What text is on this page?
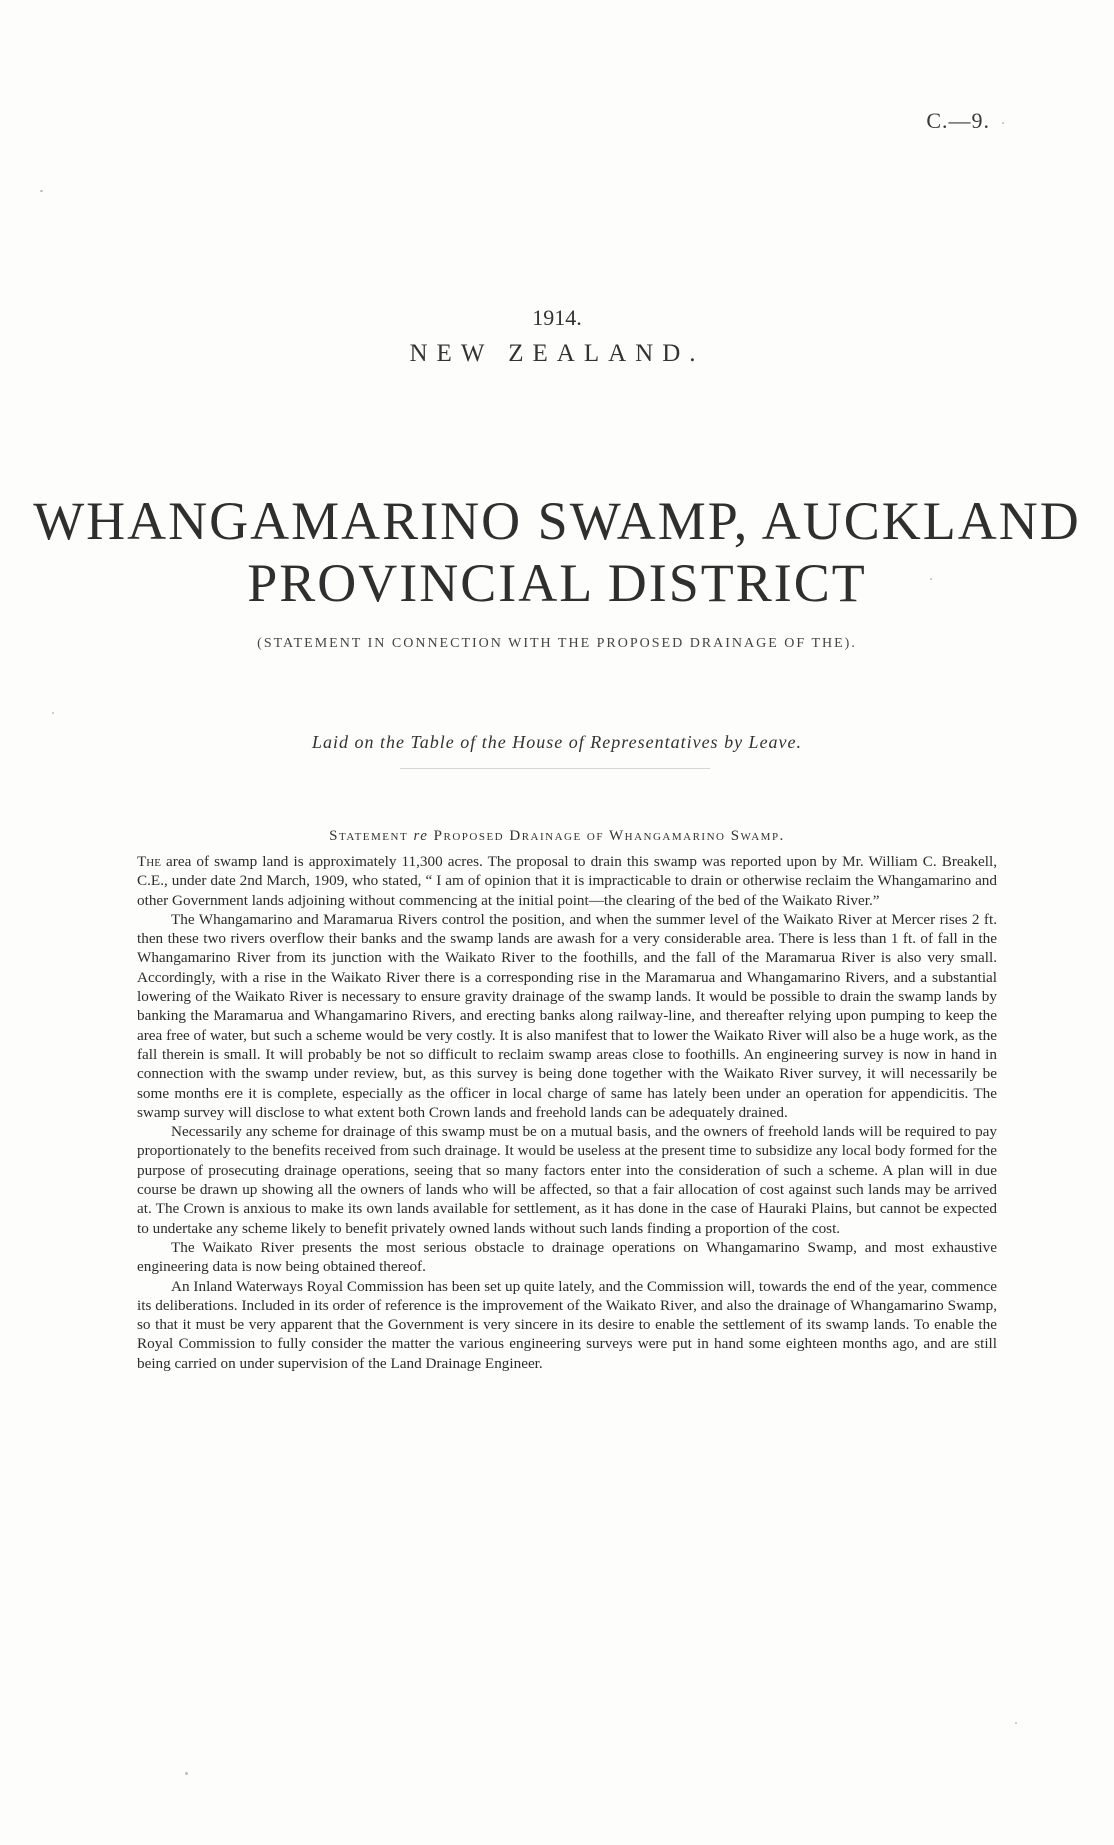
C.—9.
1914.
NEW ZEALAND.
WHANGAMARINO SWAMP, AUCKLAND
PROVINCIAL DISTRICT
(STATEMENT IN CONNECTION WITH THE PROPOSED DRAINAGE OF THE).
Laid on the Table of the House of Representatives by Leave.
Statement re Proposed Drainage of Whangamarino Swamp.

The area of swamp land is approximately 11,300 acres. The proposal to drain this swamp was reported upon by Mr. William C. Breakell, C.E., under date 2nd March, 1909, who stated, “ I am of opinion that it is impracticable to drain or otherwise reclaim the Whangamarino and other Government lands adjoining without commencing at the initial point—the clearing of the bed of the Waikato River.”

The Whangamarino and Maramarua Rivers control the position, and when the summer level of the Waikato River at Mercer rises 2 ft. then these two rivers overflow their banks and the swamp lands are awash for a very considerable area. There is less than 1 ft. of fall in the Whangamarino River from its junction with the Waikato River to the foothills, and the fall of the Maramarua River is also very small. Accordingly, with a rise in the Waikato River there is a corresponding rise in the Maramarua and Whangamarino Rivers, and a substantial lowering of the Waikato River is necessary to ensure gravity drainage of the swamp lands. It would be possible to drain the swamp lands by banking the Maramarua and Whangamarino Rivers, and erecting banks along railway-line, and thereafter relying upon pumping to keep the area free of water, but such a scheme would be very costly. It is also manifest that to lower the Waikato River will also be a huge work, as the fall therein is small. It will probably be not so difficult to reclaim swamp areas close to foothills. An engineering survey is now in hand in connection with the swamp under review, but, as this survey is being done together with the Waikato River survey, it will necessarily be some months ere it is complete, especially as the officer in local charge of same has lately been under an operation for appendicitis. The swamp survey will disclose to what extent both Crown lands and freehold lands can be adequately drained.

Necessarily any scheme for drainage of this swamp must be on a mutual basis, and the owners of freehold lands will be required to pay proportionately to the benefits received from such drainage. It would be useless at the present time to subsidize any local body formed for the purpose of prosecuting drainage operations, seeing that so many factors enter into the consideration of such a scheme. A plan will in due course be drawn up showing all the owners of lands who will be affected, so that a fair allocation of cost against such lands may be arrived at. The Crown is anxious to make its own lands available for settlement, as it has done in the case of Hauraki Plains, but cannot be expected to undertake any scheme likely to benefit privately owned lands without such lands finding a proportion of the cost.

The Waikato River presents the most serious obstacle to drainage operations on Whangamarino Swamp, and most exhaustive engineering data is now being obtained thereof.

An Inland Waterways Royal Commission has been set up quite lately, and the Commission will, towards the end of the year, commence its deliberations. Included in its order of reference is the improvement of the Waikato River, and also the drainage of Whangamarino Swamp, so that it must be very apparent that the Government is very sincere in its desire to enable the settlement of its swamp lands. To enable the Royal Commission to fully consider the matter the various engineering surveys were put in hand some eighteen months ago, and are still being carried on under supervision of the Land Drainage Engineer.
